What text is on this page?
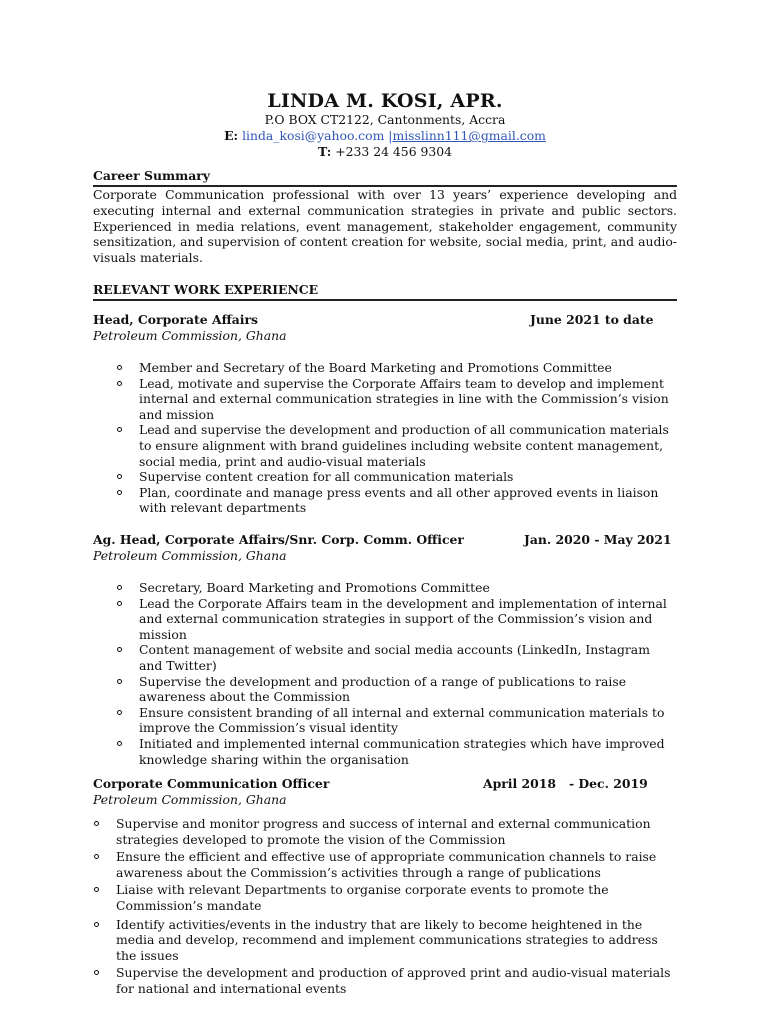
LINDA M. KOSI, APR.
P.O BOX CT2122, Cantonments, Accra
E: linda_kosi@yahoo.com |misslinn111@gmail.com
T: +233 24 456 9304
Career Summary
Corporate Communication professional with over 13 years’ experience developing and executing internal and external communication strategies in private and public sectors. Experienced in media relations, event management, stakeholder engagement, community sensitization, and supervision of content creation for website, social media, print, and audio-visuals materials.
RELEVANT WORK EXPERIENCE
Head, Corporate Affairs	June 2021 to date
Petroleum Commission, Ghana
Member and Secretary of the Board Marketing and Promotions Committee
Lead, motivate and supervise the Corporate Affairs team to develop and implement internal and external communication strategies in line with the Commission’s vision and mission
Lead and supervise the development and production of all communication materials to ensure alignment with brand guidelines including website content management, social media, print and audio-visual materials
Supervise content creation for all communication materials
Plan, coordinate and manage press events and all other approved events in liaison with relevant departments
Ag. Head, Corporate Affairs/Snr. Corp. Comm. Officer	Jan. 2020 - May 2021
Petroleum Commission, Ghana
Secretary, Board Marketing and Promotions Committee
Lead the Corporate Affairs team in the development and implementation of internal and external communication strategies in support of the Commission’s vision and mission
Content management of website and social media accounts (LinkedIn, Instagram and Twitter)
Supervise the development and production of a range of publications to raise awareness about the Commission
Ensure consistent branding of all internal and external communication materials to improve the Commission’s visual identity
Initiated and implemented internal communication strategies which have improved knowledge sharing within the organisation
Corporate Communication Officer	April 2018   - Dec. 2019
Petroleum Commission, Ghana
Supervise and monitor progress and success of internal and external communication strategies developed to promote the vision of the Commission
Ensure the efficient and effective use of appropriate communication channels to raise awareness about the Commission’s activities through a range of publications
Liaise with relevant Departments to organise corporate events to promote the Commission’s mandate
Identify activities/events in the industry that are likely to become heightened in the media and develop, recommend and implement communications strategies to address the issues
Supervise the development and production of approved print and audio-visual materials for national and international events
